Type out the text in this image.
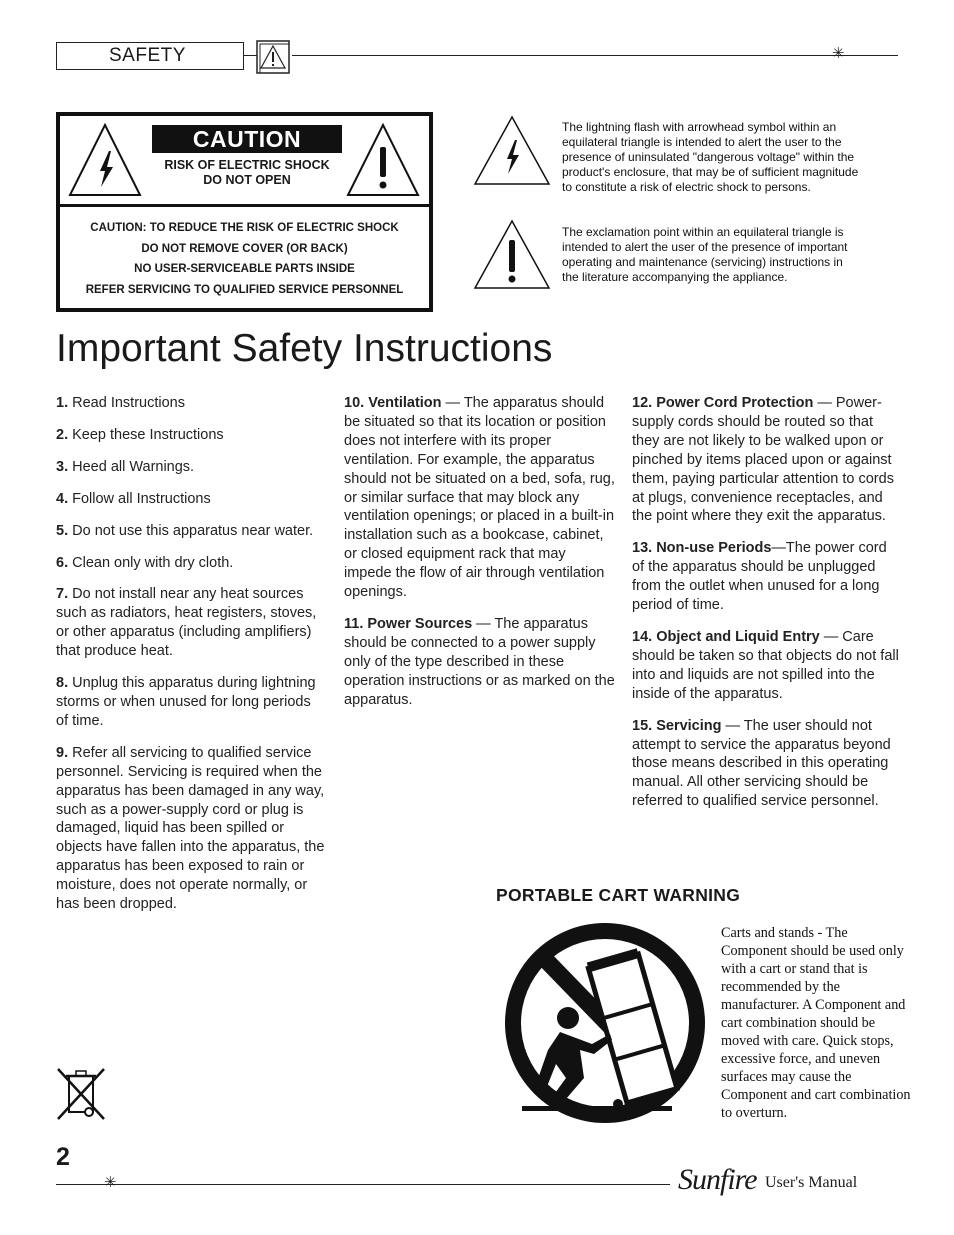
SAFETY	✳
CAUTION
RISK OF ELECTRIC SHOCK
DO NOT OPEN
CAUTION: TO REDUCE THE RISK OF ELECTRIC SHOCK
DO NOT REMOVE COVER (OR BACK)
NO USER-SERVICEABLE PARTS INSIDE
REFER SERVICING TO QUALIFIED SERVICE PERSONNEL
The lightning flash with arrowhead symbol within an equilateral triangle is intended to alert the user to the presence of uninsulated "dangerous voltage" within the product's enclosure, that may be of sufficient magnitude to constitute a risk of electric shock to persons.
The exclamation point within an equilateral triangle is intended to alert the user of the presence of important operating and maintenance (servicing) instructions in the literature accompanying the appliance.
Important Safety Instructions

1. Read Instructions

2. Keep these Instructions

3. Heed all Warnings.

4. Follow all Instructions

5. Do not use this apparatus near water.

6. Clean only with dry cloth.

7. Do not install near any heat sources such as radiators, heat registers, stoves, or other apparatus (including amplifiers) that produce heat.

8. Unplug this apparatus during lightning storms or when unused for long periods of time.

9. Refer all servicing to qualified service personnel. Servicing is required when the apparatus has been damaged in any way, such as a power-supply cord or plug is damaged, liquid has been spilled or objects have fallen into the apparatus, the apparatus has been exposed to rain or moisture, does not operate normally, or has been dropped.

10. Ventilation — The apparatus should be situated so that its location or position does not interfere with its proper ventilation. For example, the apparatus should not be situated on a bed, sofa, rug, or similar surface that may block any ventilation openings; or placed in a built-in installation such as a bookcase, cabinet, or closed equipment rack that may impede the flow of air through ventilation openings.

11. Power Sources — The apparatus should be connected to a power supply only of the type described in these operation instructions or as marked on the apparatus.

12. Power Cord Protection — Power-supply cords should be routed so that they are not likely to be walked upon or pinched by items placed upon or against them, paying particular attention to cords at plugs, convenience receptacles, and the point where they exit the apparatus.

13. Non-use Periods—The power cord of the apparatus should be unplugged from the outlet when unused for a long period of time.

14. Object and Liquid Entry — Care should be taken so that objects do not fall into and liquids are not spilled into the inside of the apparatus.

15. Servicing — The user should not attempt to service the apparatus beyond those means described in this operating manual. All other servicing should be referred to qualified service personnel.

PORTABLE CART WARNING
Carts and stands - The Component should be used only with a cart or stand that is recommended by the manufacturer. A Component and cart combination should be moved with care. Quick stops, excessive force, and uneven surfaces may cause the Component and cart combination to overturn.
2
✳	Sunfire User's Manual
